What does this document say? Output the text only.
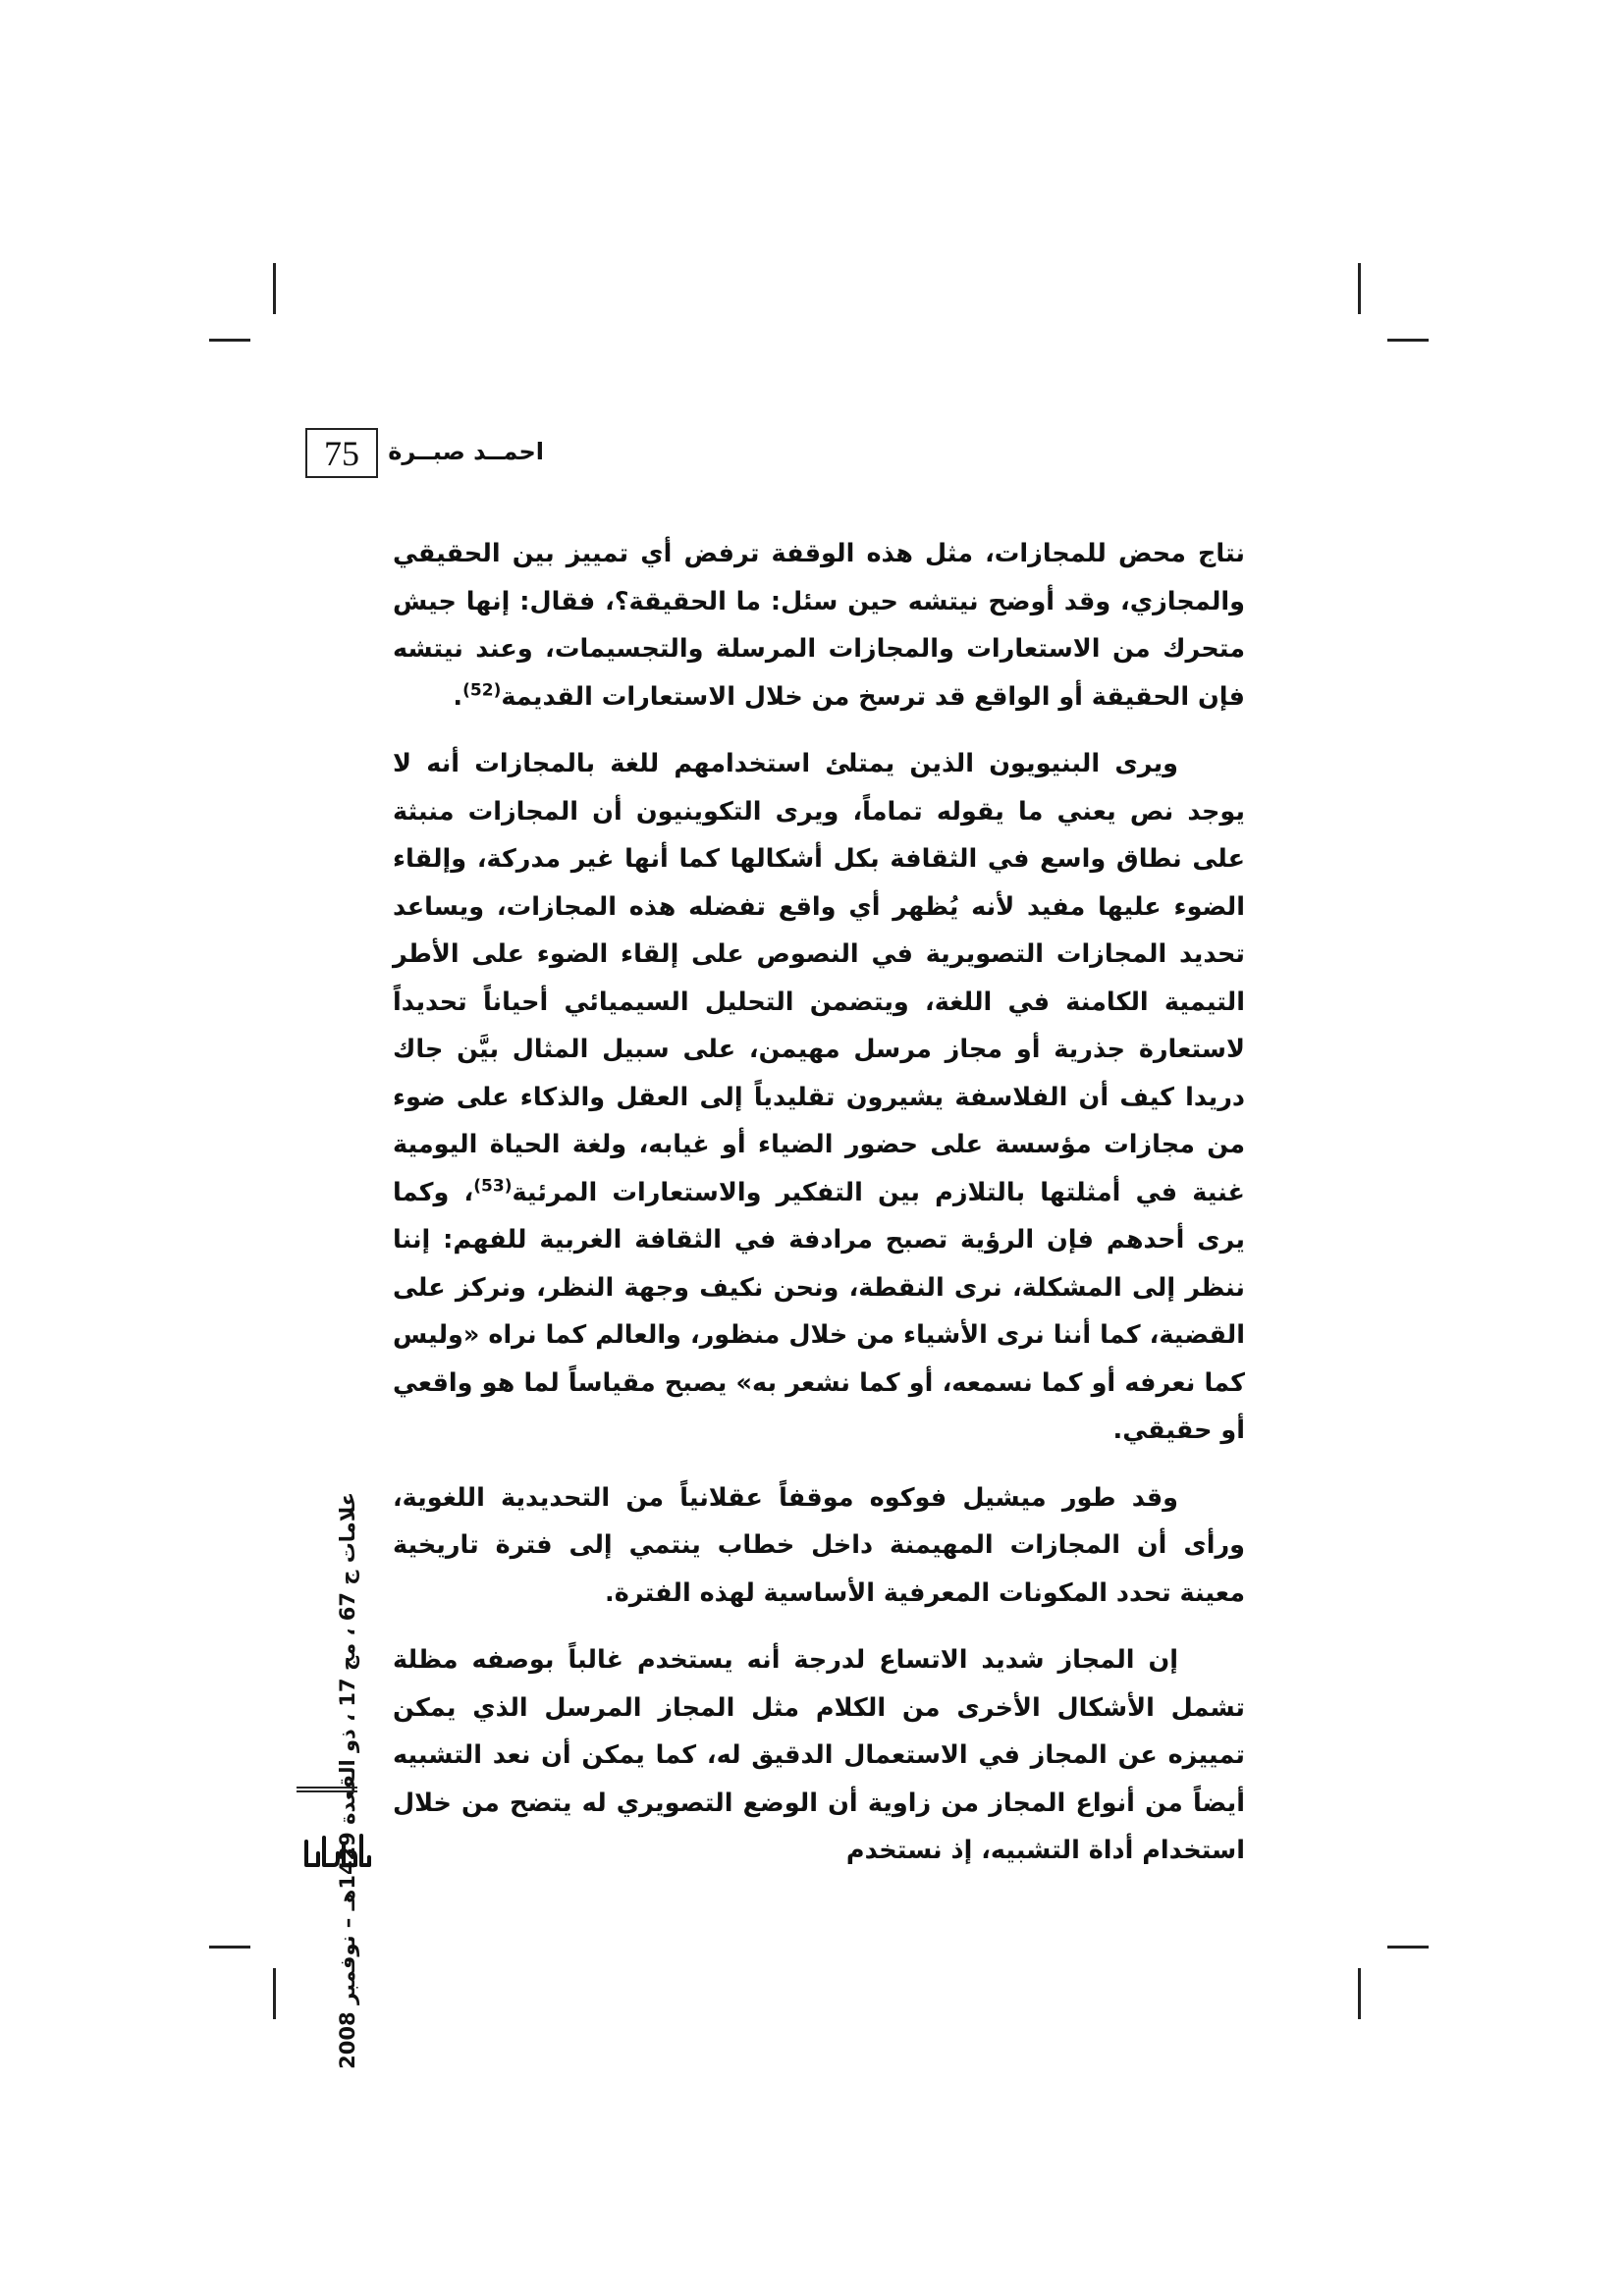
75	احمــد صبــرة

نتاج محض للمجازات، مثل هذه الوقفة ترفض أي تمييز بين الحقيقي والمجازي، وقد أوضح نيتشه حين سئل: ما الحقيقة؟، فقال: إنها جيش متحرك من الاستعارات والمجازات المرسلة والتجسيمات، وعند نيتشه فإن الحقيقة أو الواقع قد ترسخ من خلال الاستعارات القديمة$^{(52)}$.

ويرى البنيويون الذين يمتلئ استخدامهم للغة بالمجازات أنه لا يوجد نص يعني ما يقوله تماماً، ويرى التكوينيون أن المجازات منبثة على نطاق واسع في الثقافة بكل أشكالها كما أنها غير مدركة، وإلقاء الضوء عليها مفيد لأنه يُظهر أي واقع تفضله هذه المجازات، ويساعد تحديد المجازات التصويرية في النصوص على إلقاء الضوء على الأطر التيمية الكامنة في اللغة، ويتضمن التحليل السيميائي أحياناً تحديداً لاستعارة جذرية أو مجاز مرسل مهيمن، على سبيل المثال بيَّن جاك دريدا كيف أن الفلاسفة يشيرون تقليدياً إلى العقل والذكاء على ضوء من مجازات مؤسسة على حضور الضياء أو غيابه، ولغة الحياة اليومية غنية في أمثلتها بالتلازم بين التفكير والاستعارات المرئية$^{(53)}$، وكما يرى أحدهم فإن الرؤية تصبح مرادفة في الثقافة الغربية للفهم: إننا ننظر إلى المشكلة، نرى النقطة، ونحن نكيف وجهة النظر، ونركز على القضية، كما أننا نرى الأشياء من خلال منظور، والعالم كما نراه «وليس كما نعرفه أو كما نسمعه، أو كما نشعر به» يصبح مقياساً لما هو واقعي أو حقيقي.

وقد طور ميشيل فوكوه موقفاً عقلانياً من التحديدية اللغوية، ورأى أن المجازات المهيمنة داخل خطاب ينتمي إلى فترة تاريخية معينة تحدد المكونات المعرفية الأساسية لهذه الفترة.

إن المجاز شديد الاتساع لدرجة أنه يستخدم غالباً بوصفه مظلة تشمل الأشكال الأخرى من الكلام مثل المجاز المرسل الذي يمكن تمييزه عن المجاز في الاستعمال الدقيق له، كما يمكن أن نعد التشبيه أيضاً من أنواع المجاز من زاوية أن الوضع التصويري له يتضح من خلال استخدام أداة التشبيه، إذ نستخدم

علامات ج 67 ، مج 17 ، ذو القعدة 1429هـ – نوفمبر 2008
